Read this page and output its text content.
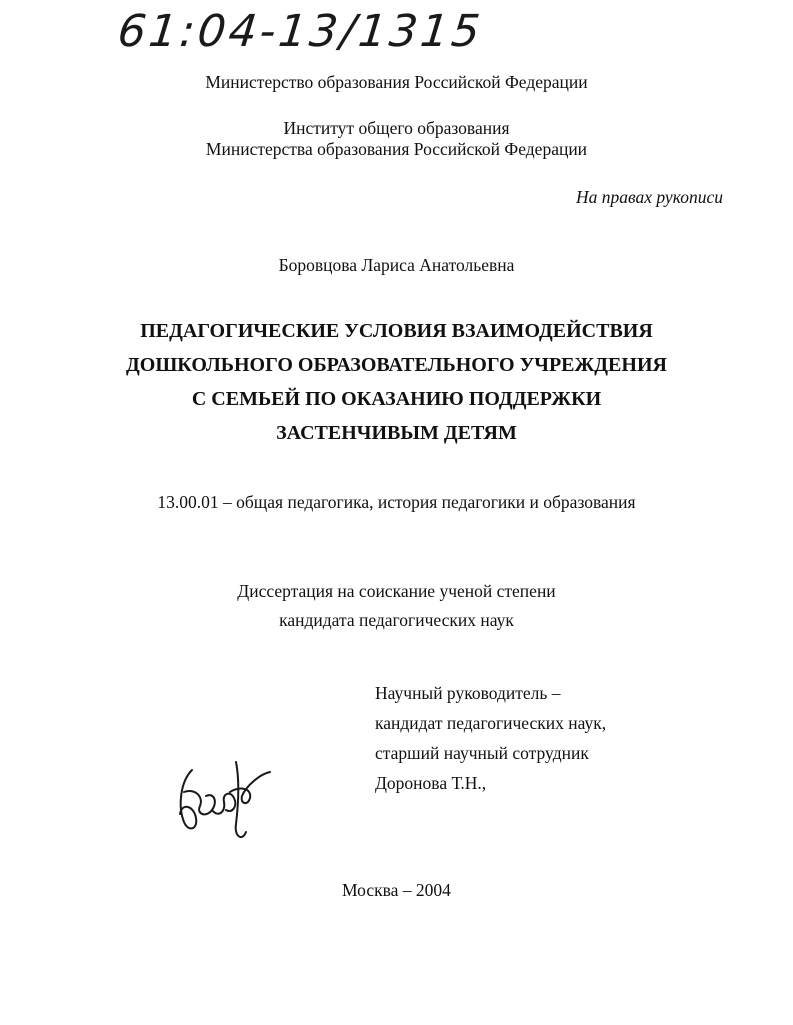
61:04-13/1315
Министерство образования Российской Федерации
Институт общего образования
Министерства образования Российской Федерации
На правах рукописи
Боровцова Лариса Анатольевна
ПЕДАГОГИЧЕСКИЕ УСЛОВИЯ ВЗАИМОДЕЙСТВИЯ
ДОШКОЛЬНОГО ОБРАЗОВАТЕЛЬНОГО УЧРЕЖДЕНИЯ
С СЕМЬЕЙ ПО ОКАЗАНИЮ ПОДДЕРЖКИ
ЗАСТЕНЧИВЫМ ДЕТЯМ
13.00.01 – общая педагогика, история педагогики и образования
Диссертация на соискание ученой степени
кандидата педагогических наук
Научный руководитель –
кандидат педагогических наук,
старший научный сотрудник
Доронова Т.Н.,
Москва – 2004
